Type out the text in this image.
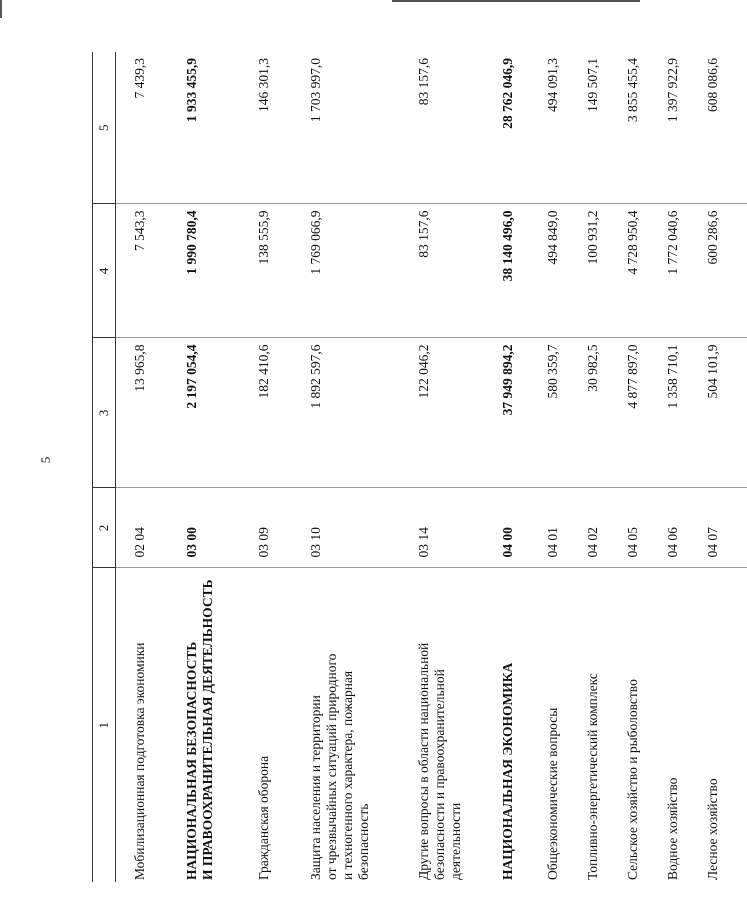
5
1	2	3	4	5
Мобилизационная подготовка экономики	02 04	13 965,8	7 543,3	7 439,3
НАЦИОНАЛЬНАЯ БЕЗОПАСНОСТЬ
И ПРАВООХРАНИТЕЛЬНАЯ ДЕЯТЕЛЬНОСТЬ	03 00	2 197 054,4	1 990 780,4	1 933 455,9
Гражданская оборона	03 09	182 410,6	138 555,9	146 301,3
Защита населения и территории
от чрезвычайных ситуаций природного
и техногенного характера, пожарная
безопасность	03 10	1 892 597,6	1 769 066,9	1 703 997,0
Другие вопросы в области национальной
безопасности и правоохранительной
деятельности	03 14	122 046,2	83 157,6	83 157,6
НАЦИОНАЛЬНАЯ ЭКОНОМИКА	04 00	37 949 894,2	38 140 496,0	28 762 046,9
Общеэкономические вопросы	04 01	580 359,7	494 849,0	494 091,3
Топливно-энергетический комплекс	04 02	30 982,5	100 931,2	149 507,1
Сельское хозяйство и рыболовство	04 05	4 877 897,0	4 728 950,4	3 855 455,4
Водное хозяйство	04 06	1 358 710,1	1 772 040,6	1 397 922,9
Лесное хозяйство	04 07	504 101,9	600 286,6	608 086,6
